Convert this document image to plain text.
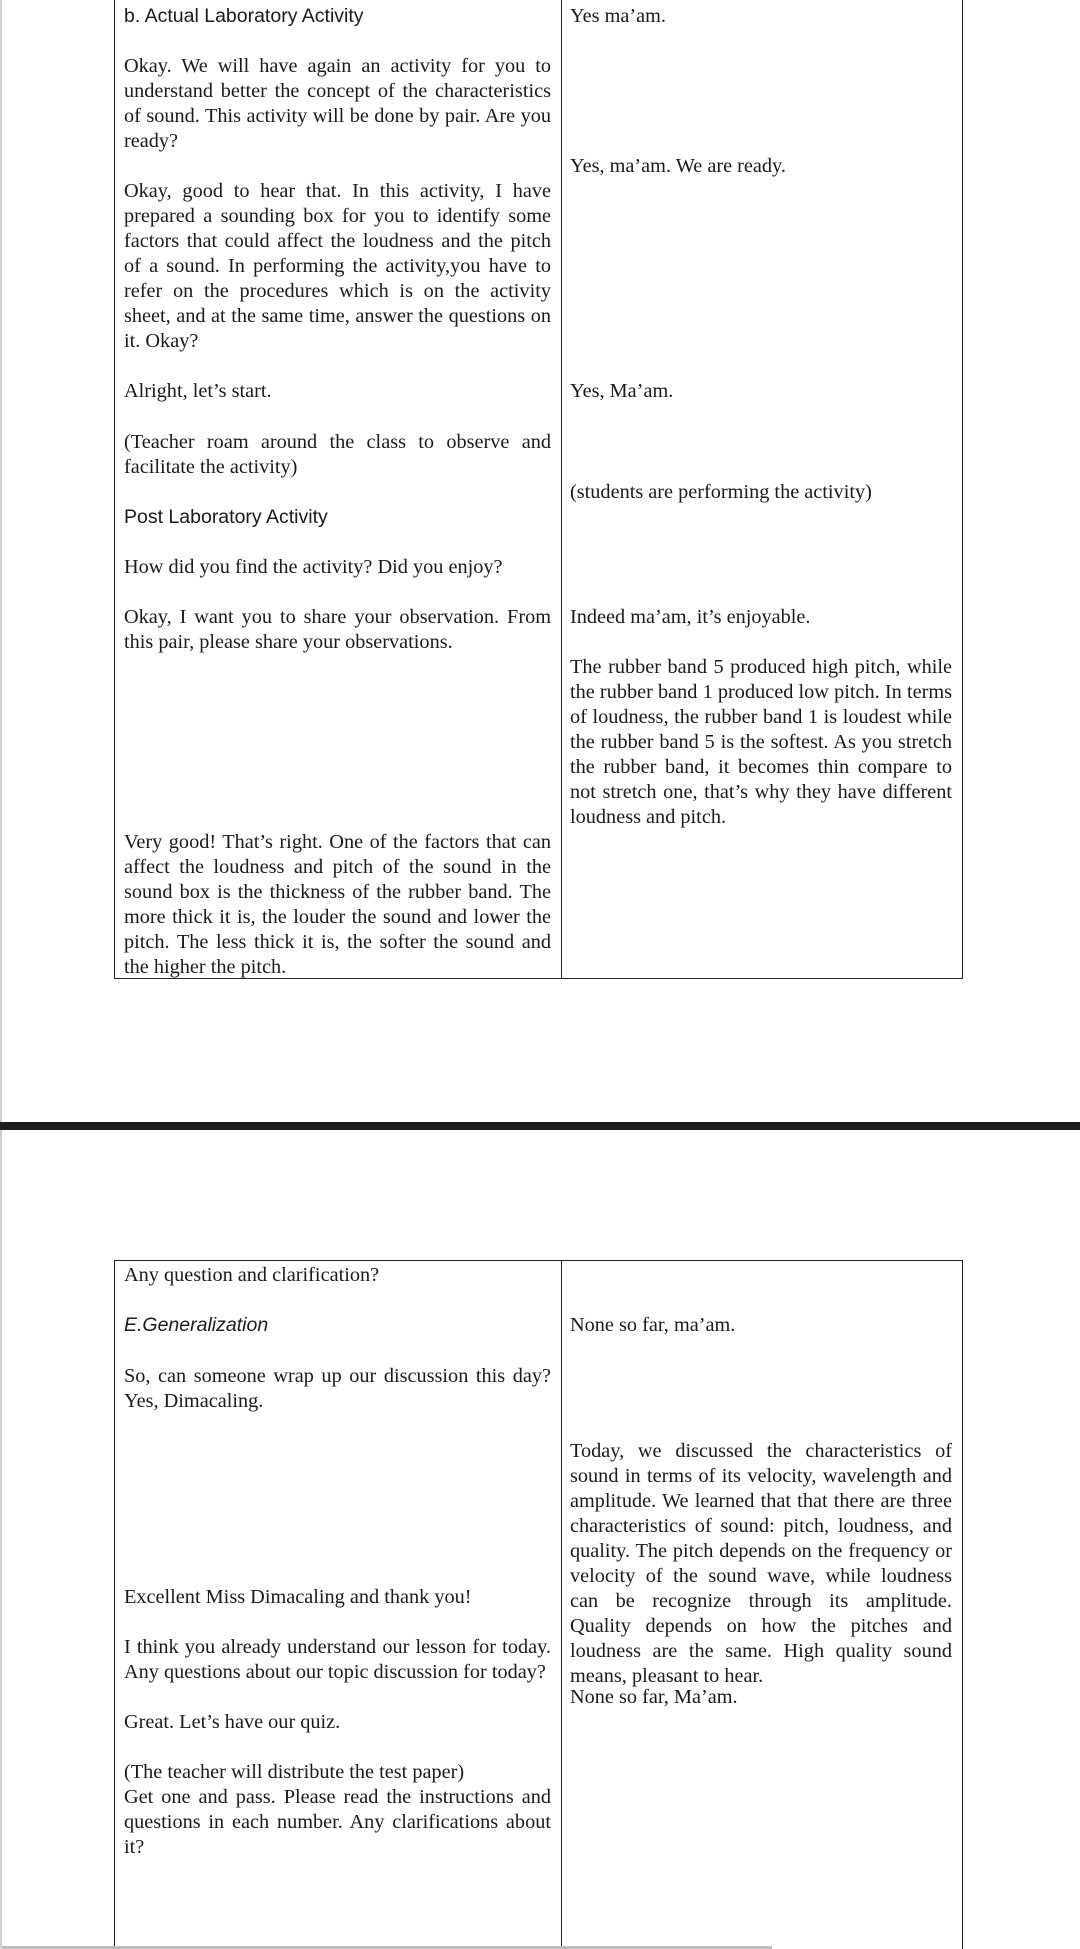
b. Actual Laboratory Activity

Okay. We will have again an activity for you to understand better the concept of the characteristics of sound. This activity will be done by pair. Are you ready?

Okay, good to hear that. In this activity, I have prepared a sounding box for you to identify some factors that could affect the loudness and the pitch of a sound. In performing the activity,you have to refer on the procedures which is on the activity sheet, and at the same time, answer the questions on it. Okay?

Alright, let’s start.

(Teacher roam around the class to observe and facilitate the activity)

Post Laboratory Activity

How did you find the activity? Did you enjoy?

Okay, I want you to share your observation. From this pair, please share your observations.

Very good! That’s right. One of the factors that can affect the loudness and pitch of the sound in the sound box is the thickness of the rubber band. The more thick it is, the louder the sound and lower the pitch. The less thick it is, the softer the sound and the higher the pitch.

Yes ma’am.

Yes, ma’am. We are ready.

Yes, Ma’am.

(students are performing the activity)

Indeed ma’am, it’s enjoyable.

The rubber band 5 produced high pitch, while the rubber band 1 produced low pitch. In terms of loudness, the rubber band 1 is loudest while the rubber band 5 is the softest. As you stretch the rubber band, it becomes thin compare to not stretch one, that’s why they have different loudness and pitch.

Any question and clarification?

E.Generalization

So, can someone wrap up our discussion this day? Yes, Dimacaling.

Excellent Miss Dimacaling and thank you!

I think you already understand our lesson for today. Any questions about our topic discussion for today?

Great. Let’s have our quiz.

(The teacher will distribute the test paper)

Get one and pass. Please read the instructions and questions in each number. Any clarifications about it?

None so far, ma’am.

Today, we discussed the characteristics of sound in terms of its velocity, wavelength and amplitude. We learned that that there are three characteristics of sound: pitch, loudness, and quality. The pitch depends on the frequency or velocity of the sound wave, while loudness can be recognize through its amplitude. Quality depends on how the pitches and loudness are the same. High quality sound means, pleasant to hear.

None so far, Ma’am.
